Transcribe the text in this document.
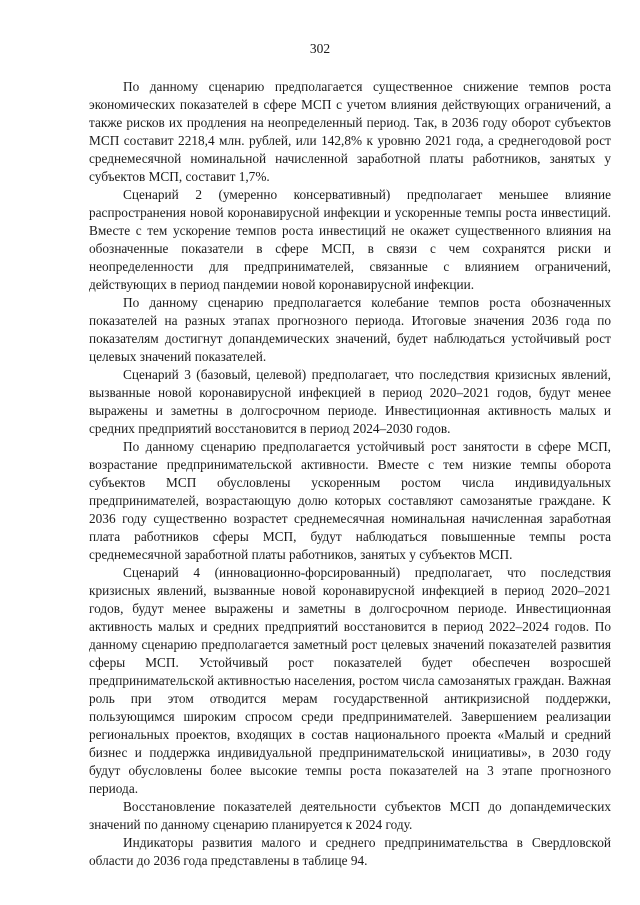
302

По данному сценарию предполагается существенное снижение темпов роста экономических показателей в сфере МСП с учетом влияния действующих ограничений, а также рисков их продления на неопределенный период. Так, в 2036 году оборот субъектов МСП составит 2218,4 млн. рублей, или 142,8% к уровню 2021 года, а среднегодовой рост среднемесячной номинальной начисленной заработной платы работников, занятых у субъектов МСП, составит 1,7%.

Сценарий 2 (умеренно консервативный) предполагает меньшее влияние распространения новой коронавирусной инфекции и ускоренные темпы роста инвестиций. Вместе с тем ускорение темпов роста инвестиций не окажет существенного влияния на обозначенные показатели в сфере МСП, в связи с чем сохранятся риски и неопределенности для предпринимателей, связанные с влиянием ограничений, действующих в период пандемии новой коронавирусной инфекции.

По данному сценарию предполагается колебание темпов роста обозначенных показателей на разных этапах прогнозного периода. Итоговые значения 2036 года по показателям достигнут допандемических значений, будет наблюдаться устойчивый рост целевых значений показателей.

Сценарий 3 (базовый, целевой) предполагает, что последствия кризисных явлений, вызванные новой коронавирусной инфекцией в период 2020–2021 годов, будут менее выражены и заметны в долгосрочном периоде. Инвестиционная активность малых и средних предприятий восстановится в период 2024–2030 годов.

По данному сценарию предполагается устойчивый рост занятости в сфере МСП, возрастание предпринимательской активности. Вместе с тем низкие темпы оборота субъектов МСП обусловлены ускоренным ростом числа индивидуальных предпринимателей, возрастающую долю которых составляют самозанятые граждане. К 2036 году существенно возрастет среднемесячная номинальная начисленная заработная плата работников сферы МСП, будут наблюдаться повышенные темпы роста среднемесячной заработной платы работников, занятых у субъектов МСП.

Сценарий 4 (инновационно-форсированный) предполагает, что последствия кризисных явлений, вызванные новой коронавирусной инфекцией в период 2020–2021 годов, будут менее выражены и заметны в долгосрочном периоде. Инвестиционная активность малых и средних предприятий восстановится в период 2022–2024 годов. По данному сценарию предполагается заметный рост целевых значений показателей развития сферы МСП. Устойчивый рост показателей будет обеспечен возросшей предпринимательской активностью населения, ростом числа самозанятых граждан. Важная роль при этом отводится мерам государственной антикризисной поддержки, пользующимся широким спросом среди предпринимателей. Завершением реализации региональных проектов, входящих в состав национального проекта «Малый и средний бизнес и поддержка индивидуальной предпринимательской инициативы», в 2030 году будут обусловлены более высокие темпы роста показателей на 3 этапе прогнозного периода.

Восстановление показателей деятельности субъектов МСП до допандемических значений по данному сценарию планируется к 2024 году.

Индикаторы развития малого и среднего предпринимательства в Свердловской области до 2036 года представлены в таблице 94.
